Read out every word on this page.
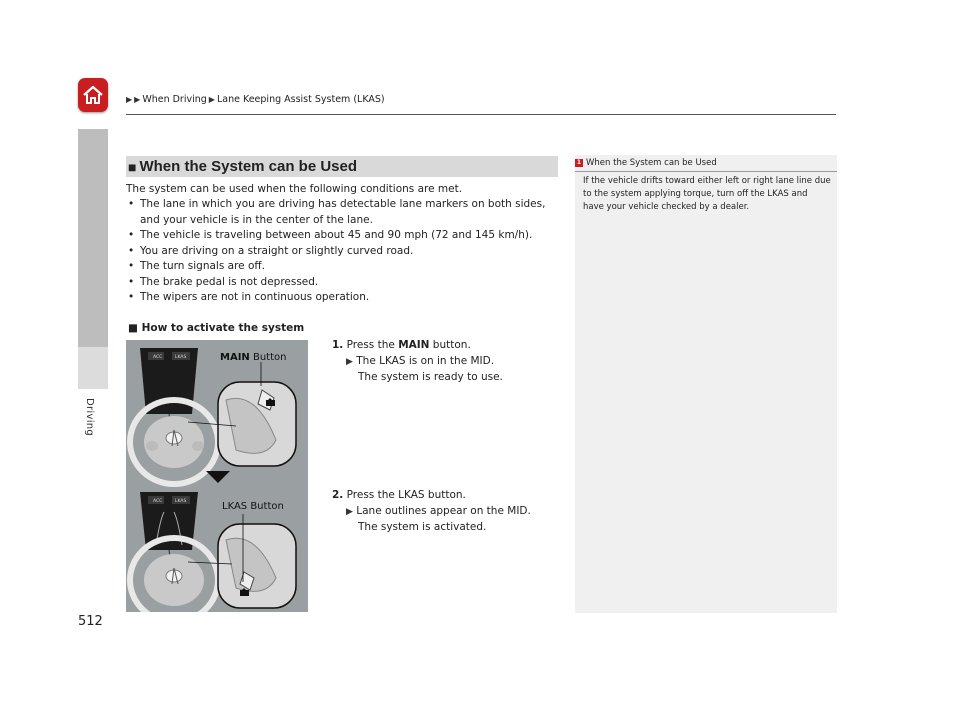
▶ ▶ When Driving ▶ Lane Keeping Assist System (LKAS)
Driving
512
■ When the System can be Used
The system can be used when the following conditions are met.
• The lane in which you are driving has detectable lane markers on both sides, and your vehicle is in the center of the lane.
• The vehicle is traveling between about 45 and 90 mph (72 and 145 km/h).
• You are driving on a straight or slightly curved road.
• The turn signals are off.
• The brake pedal is not depressed.
• The wipers are not in continuous operation.
■ How to activate the system
ACC	LKAS
ACC	LKAS
MAIN Button
LKAS Button
1. Press the MAIN button.
▶ The LKAS is on in the MID.
The system is ready to use.
2. Press the LKAS button.
▶ Lane outlines appear on the MID.
The system is activated.
1 When the System can be Used
If the vehicle drifts toward either left or right lane line due to the system applying torque, turn off the LKAS and have your vehicle checked by a dealer.
